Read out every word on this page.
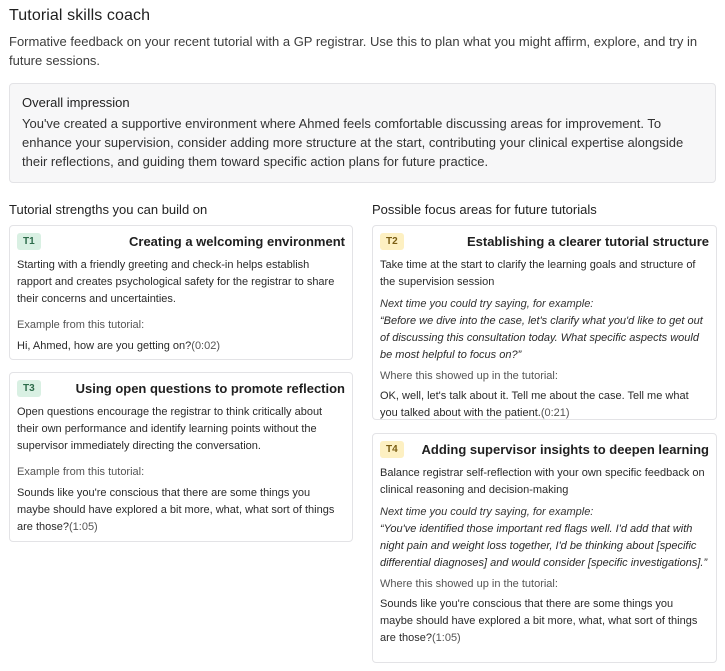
Tutorial skills coach
Formative feedback on your recent tutorial with a GP registrar. Use this to plan what you might affirm, explore, and try in future sessions.
Overall impression
You've created a supportive environment where Ahmed feels comfortable discussing areas for improvement. To enhance your supervision, consider adding more structure at the start, contributing your clinical expertise alongside their reflections, and guiding them toward specific action plans for future practice.
Tutorial strengths you can build on	Possible focus areas for future tutorials
T1	Creating a welcoming environment
Starting with a friendly greeting and check-in helps establish rapport and creates psychological safety for the registrar to share their concerns and uncertainties.
Example from this tutorial:
Hi, Ahmed, how are you getting on?(0:02)
T3	Using open questions to promote reflection
Open questions encourage the registrar to think critically about their own performance and identify learning points without the supervisor immediately directing the conversation.
Example from this tutorial:
Sounds like you're conscious that there are some things you maybe should have explored a bit more, what, what sort of things are those?(1:05)
T2	Establishing a clearer tutorial structure
Take time at the start to clarify the learning goals and structure of the supervision session
Next time you could try saying, for example:
“Before we dive into the case, let's clarify what you'd like to get out of discussing this consultation today. What specific aspects would be most helpful to focus on?”
Where this showed up in the tutorial:
OK, well, let's talk about it. Tell me about the case. Tell me what you talked about with the patient.(0:21)
T4	Adding supervisor insights to deepen learning
Balance registrar self-reflection with your own specific feedback on clinical reasoning and decision-making
Next time you could try saying, for example:
“You've identified those important red flags well. I'd add that with night pain and weight loss together, I'd be thinking about [specific differential diagnoses] and would consider [specific investigations].”
Where this showed up in the tutorial:
Sounds like you're conscious that there are some things you maybe should have explored a bit more, what, what sort of things are those?(1:05)
